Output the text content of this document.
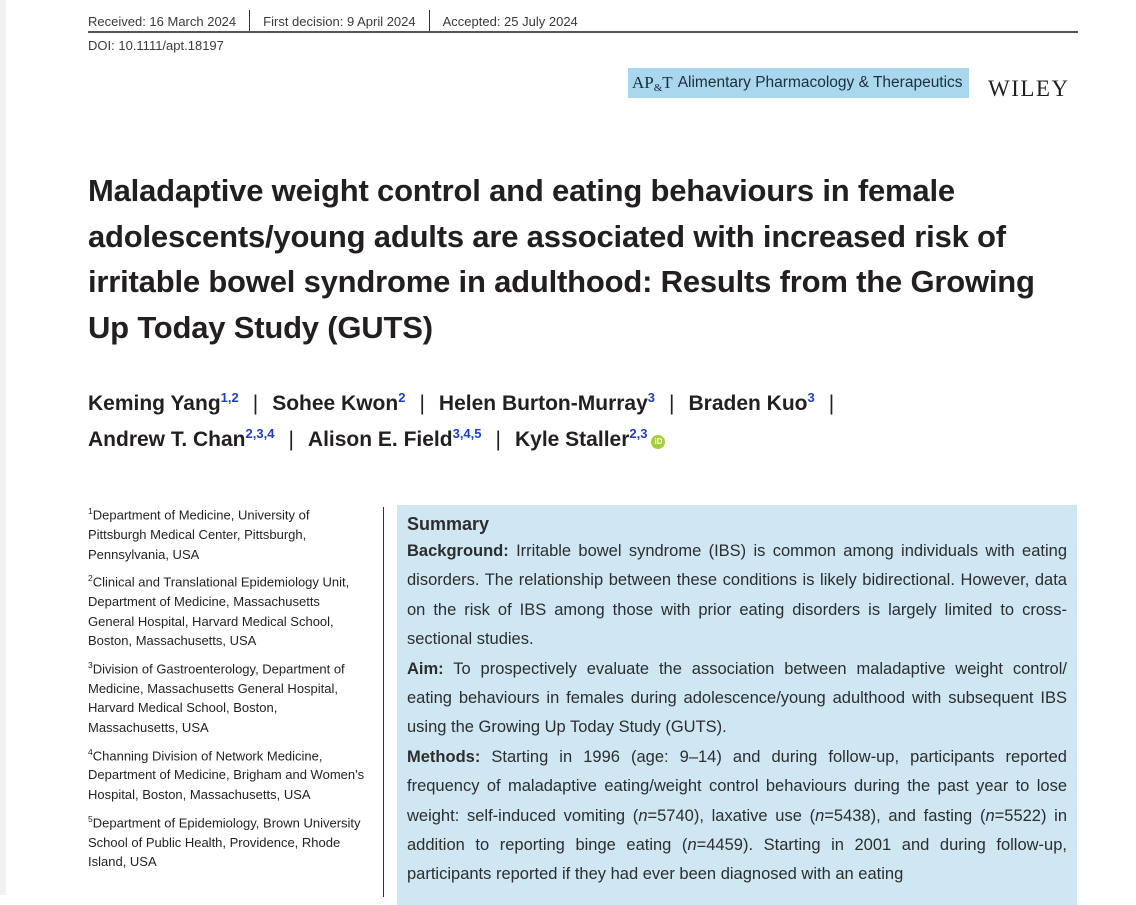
Received: 16 March 2024 First decision: 9 April 2024 Accepted: 25 July 2024
DOI: 10.1111/apt.18197
AP&T Alimentary Pharmacology & Therapeutics WILEY
Maladaptive weight control and eating behaviours in female adolescents/young adults are associated with increased risk of irritable bowel syndrome in adulthood: Results from the Growing Up Today Study (GUTS)
Keming Yang$^{1,2}$ | Sohee Kwon$^2$ | Helen Burton-Murray$^3$ | Braden Kuo$^3$ |
Andrew T. Chan$^{2,3,4}$ | Alison E. Field$^{3,4,5}$ | Kyle Staller$^{2,3}$iD
$^1$Department of Medicine, University of Pittsburgh Medical Center, Pittsburgh, Pennsylvania, USA
$^2$Clinical and Translational Epidemiology Unit, Department of Medicine, Massachusetts General Hospital, Harvard Medical School, Boston, Massachusetts, USA
$^3$Division of Gastroenterology, Department of Medicine, Massachusetts General Hospital, Harvard Medical School, Boston, Massachusetts, USA
$^4$Channing Division of Network Medicine, Department of Medicine, Brigham and Women's Hospital, Boston, Massachusetts, USA
$^5$Department of Epidemiology, Brown University School of Public Health, Providence, Rhode Island, USA
Summary

Background: Irritable bowel syndrome (IBS) is common among individuals with eating disorders. The relationship between these conditions is likely bidirectional. However, data on the risk of IBS among those with prior eating disorders is largely limited to cross-sectional studies.

Aim: To prospectively evaluate the association between maladaptive weight control/ eating behaviours in females during adolescence/young adulthood with subsequent IBS using the Growing Up Today Study (GUTS).

Methods: Starting in 1996 (age: 9–14) and during follow-up, participants reported frequency of maladaptive eating/weight control behaviours during the past year to lose weight: self-induced vomiting (n=5740), laxative use (n=5438), and fasting (n=5522) in addition to reporting binge eating (n=4459). Starting in 2001 and during follow-up, participants reported if they had ever been diagnosed with an eating
